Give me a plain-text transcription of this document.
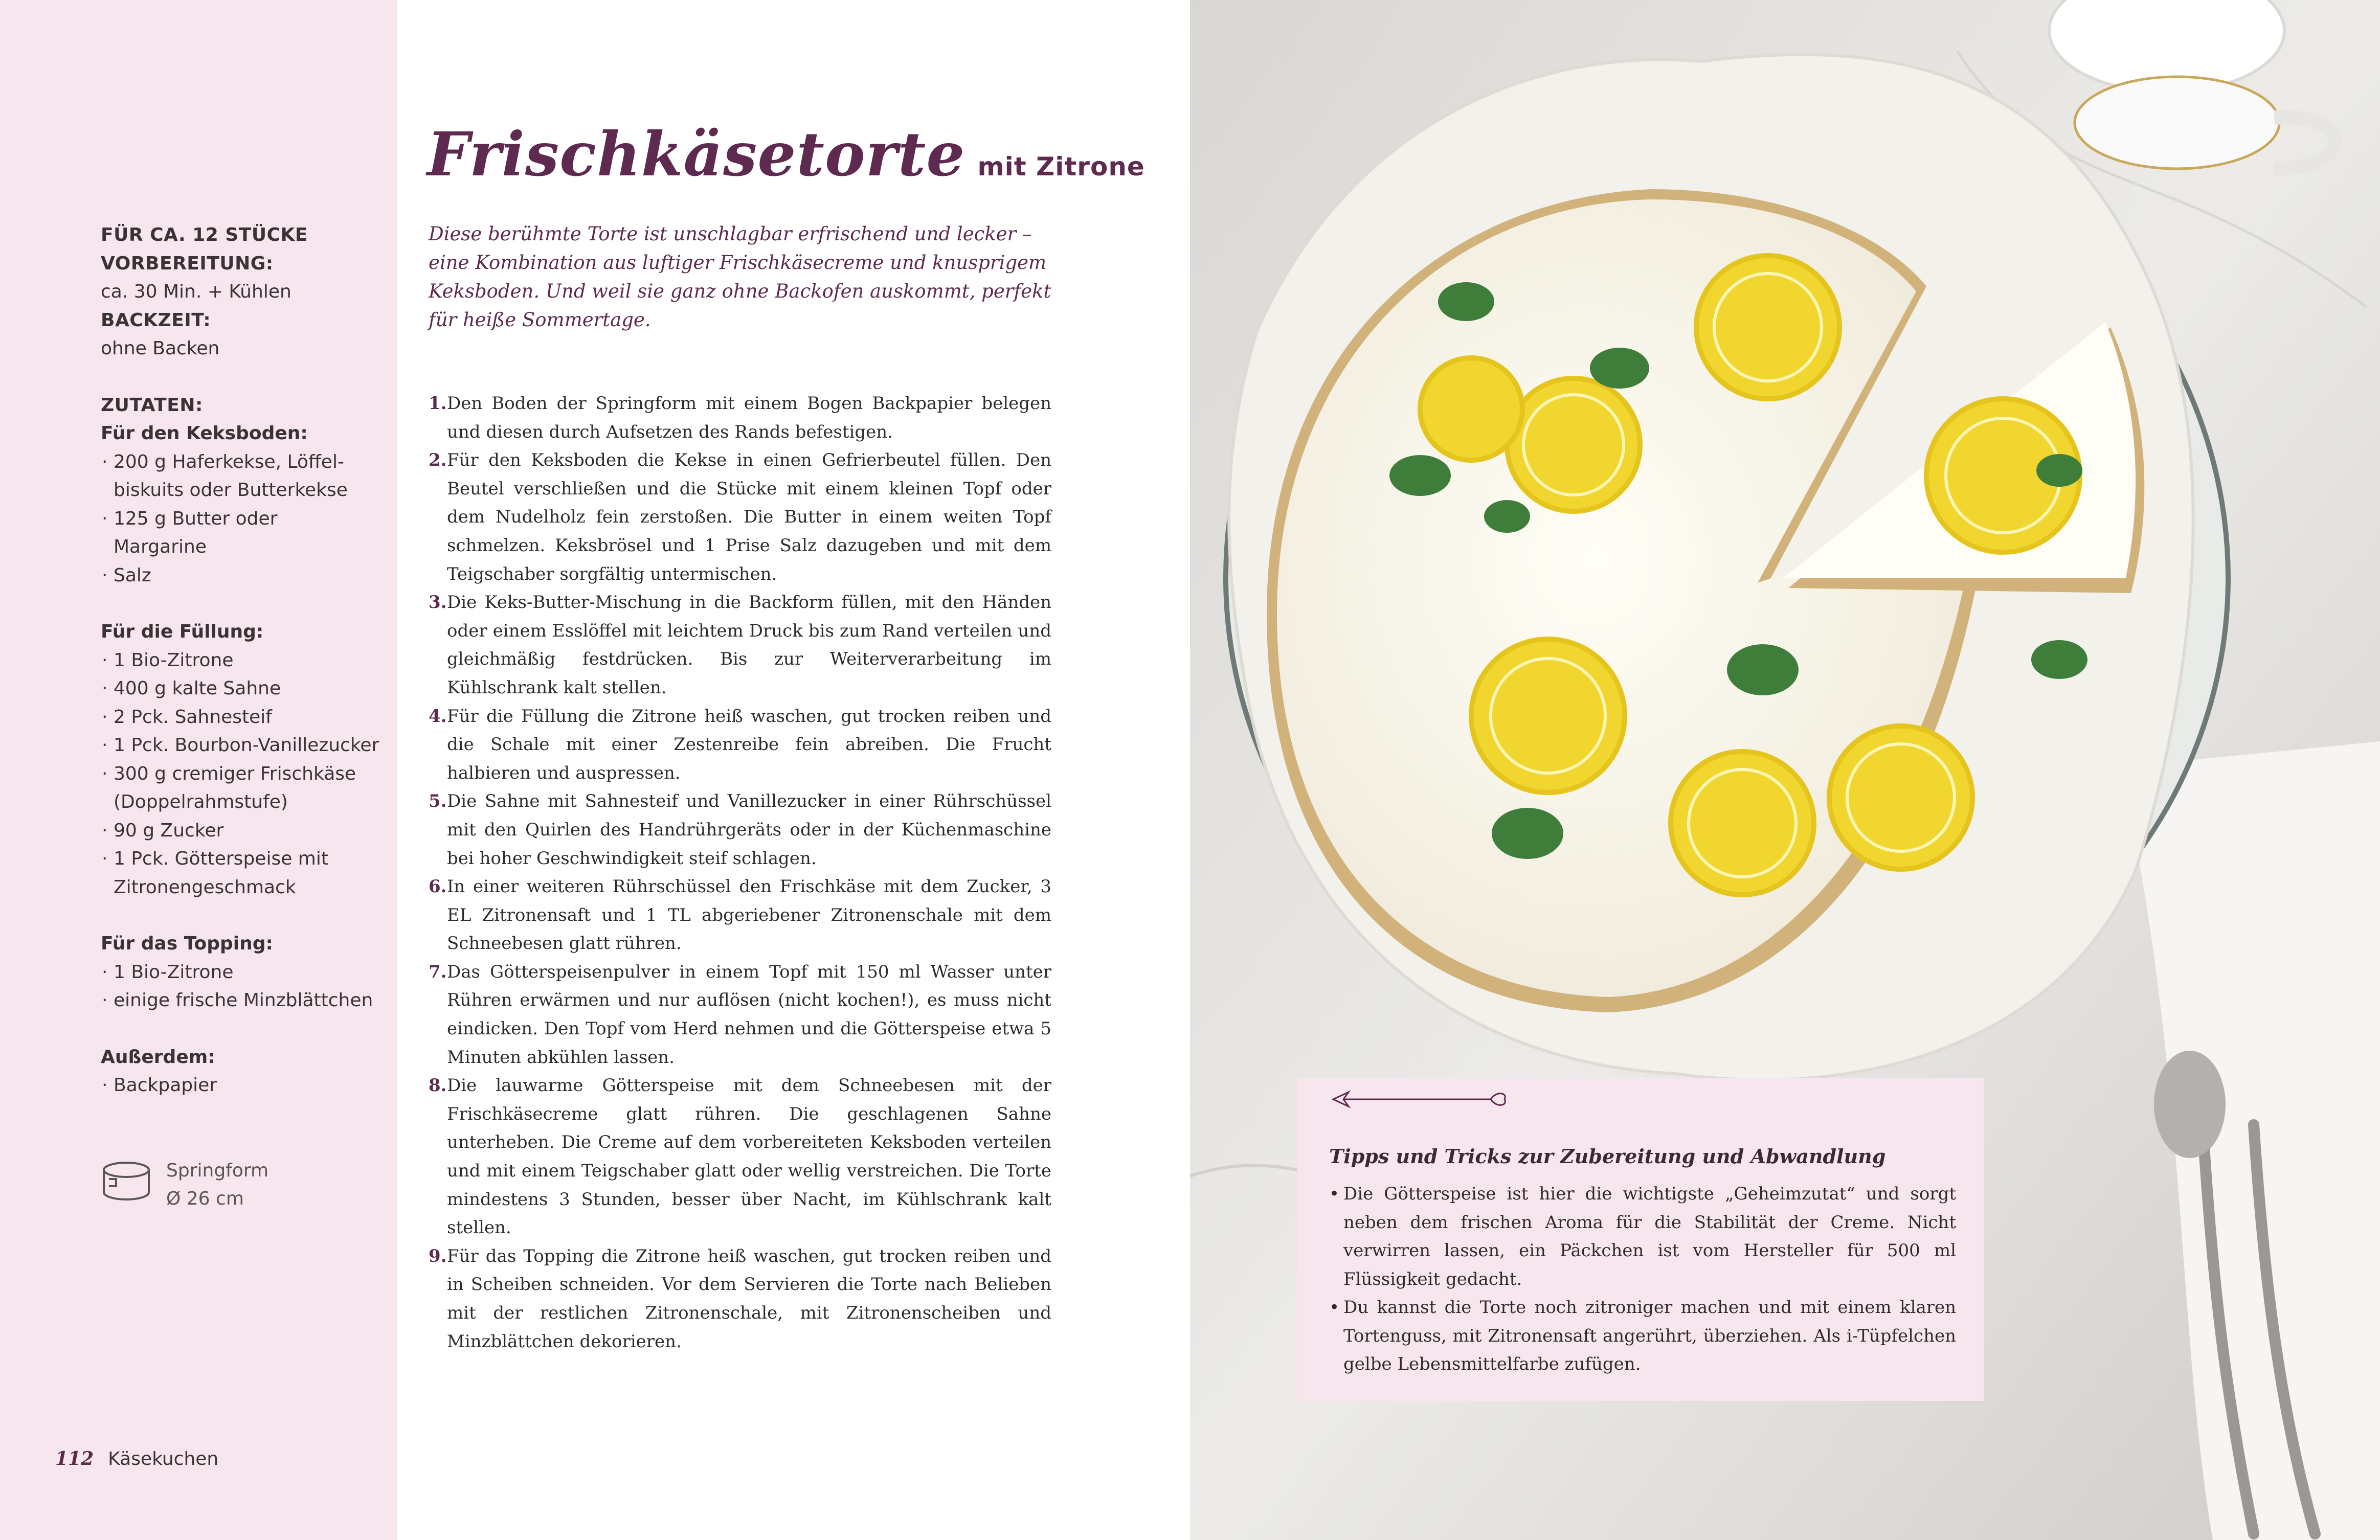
FÜR CA. 12 STÜCKE
VORBEREITUNG:
ca. 30 Min. + Kühlen
BACKZEIT:
ohne Backen
ZUTATEN:
Für den Keksboden:
· 200 g Haferkekse, Löffel-
biskuits oder Butterkekse
· 125 g Butter oder
Margarine
· Salz
Für die Füllung:
· 1 Bio-Zitrone
· 400 g kalte Sahne
· 2 Pck. Sahnesteif
· 1 Pck. Bourbon-Vanillezucker
· 300 g cremiger Frischkäse
(Doppelrahmstufe)
· 90 g Zucker
· 1 Pck. Götterspeise mit
Zitronengeschmack
Für das Topping:
· 1 Bio-Zitrone
· einige frische Minzblättchen
Außerdem:
· Backpapier
Springform
Ø 26 cm
112 Käsekuchen
Frischkäsetorte mit Zitrone
Diese berühmte Torte ist unschlagbar erfrischend und lecker – eine Kombination aus luftiger Frischkäsecreme und knusprigem Keksboden. Und weil sie ganz ohne Backofen auskommt, perfekt für heiße Sommertage.
1. Den Boden der Springform mit einem Bogen Backpapier belegen und diesen durch Aufsetzen des Rands befestigen.
2. Für den Keksboden die Kekse in einen Gefrierbeutel füllen. Den Beutel verschließen und die Stücke mit einem kleinen Topf oder dem Nudelholz fein zerstoßen. Die Butter in einem weiten Topf schmelzen. Keksbrösel und 1 Prise Salz dazugeben und mit dem Teigschaber sorgfältig untermischen.
3. Die Keks-Butter-Mischung in die Backform füllen, mit den Händen oder einem Esslöffel mit leichtem Druck bis zum Rand verteilen und gleichmäßig festdrücken. Bis zur Weiterverarbeitung im Kühlschrank kalt stellen.
4. Für die Füllung die Zitrone heiß waschen, gut trocken reiben und die Schale mit einer Zestenreibe fein abreiben. Die Frucht halbieren und auspressen.
5. Die Sahne mit Sahnesteif und Vanillezucker in einer Rührschüssel mit den Quirlen des Handrührgeräts oder in der Küchenmaschine bei hoher Geschwindigkeit steif schlagen.
6. In einer weiteren Rührschüssel den Frischkäse mit dem Zucker, 3 EL Zitronensaft und 1 TL abgeriebener Zitronenschale mit dem Schneebesen glatt rühren.
7. Das Götterspeisenpulver in einem Topf mit 150 ml Wasser unter Rühren erwärmen und nur auflösen (nicht kochen!), es muss nicht eindicken. Den Topf vom Herd nehmen und die Götterspeise etwa 5 Minuten abkühlen lassen.
8. Die lauwarme Götterspeise mit dem Schneebesen mit der Frischkäsecreme glatt rühren. Die geschlagenen Sahne unterheben. Die Creme auf dem vorbereiteten Keksboden verteilen und mit einem Teigschaber glatt oder wellig verstreichen. Die Torte mindestens 3 Stunden, besser über Nacht, im Kühlschrank kalt stellen.
9. Für das Topping die Zitrone heiß waschen, gut trocken reiben und in Scheiben schneiden. Vor dem Servieren die Torte nach Belieben mit der restlichen Zitronenschale, mit Zitronenscheiben und Minzblättchen dekorieren.
Tipps und Tricks zur Zubereitung und Abwandlung
• Die Götterspeise ist hier die wichtigste „Geheimzutat“ und sorgt neben dem frischen Aroma für die Stabilität der Creme. Nicht verwirren lassen, ein Päckchen ist vom Hersteller für 500 ml Flüssigkeit gedacht.
• Du kannst die Torte noch zitroniger machen und mit einem klaren Tortenguss, mit Zitronensaft angerührt, überziehen. Als i-Tüpfelchen gelbe Lebensmittelfarbe zufügen.
